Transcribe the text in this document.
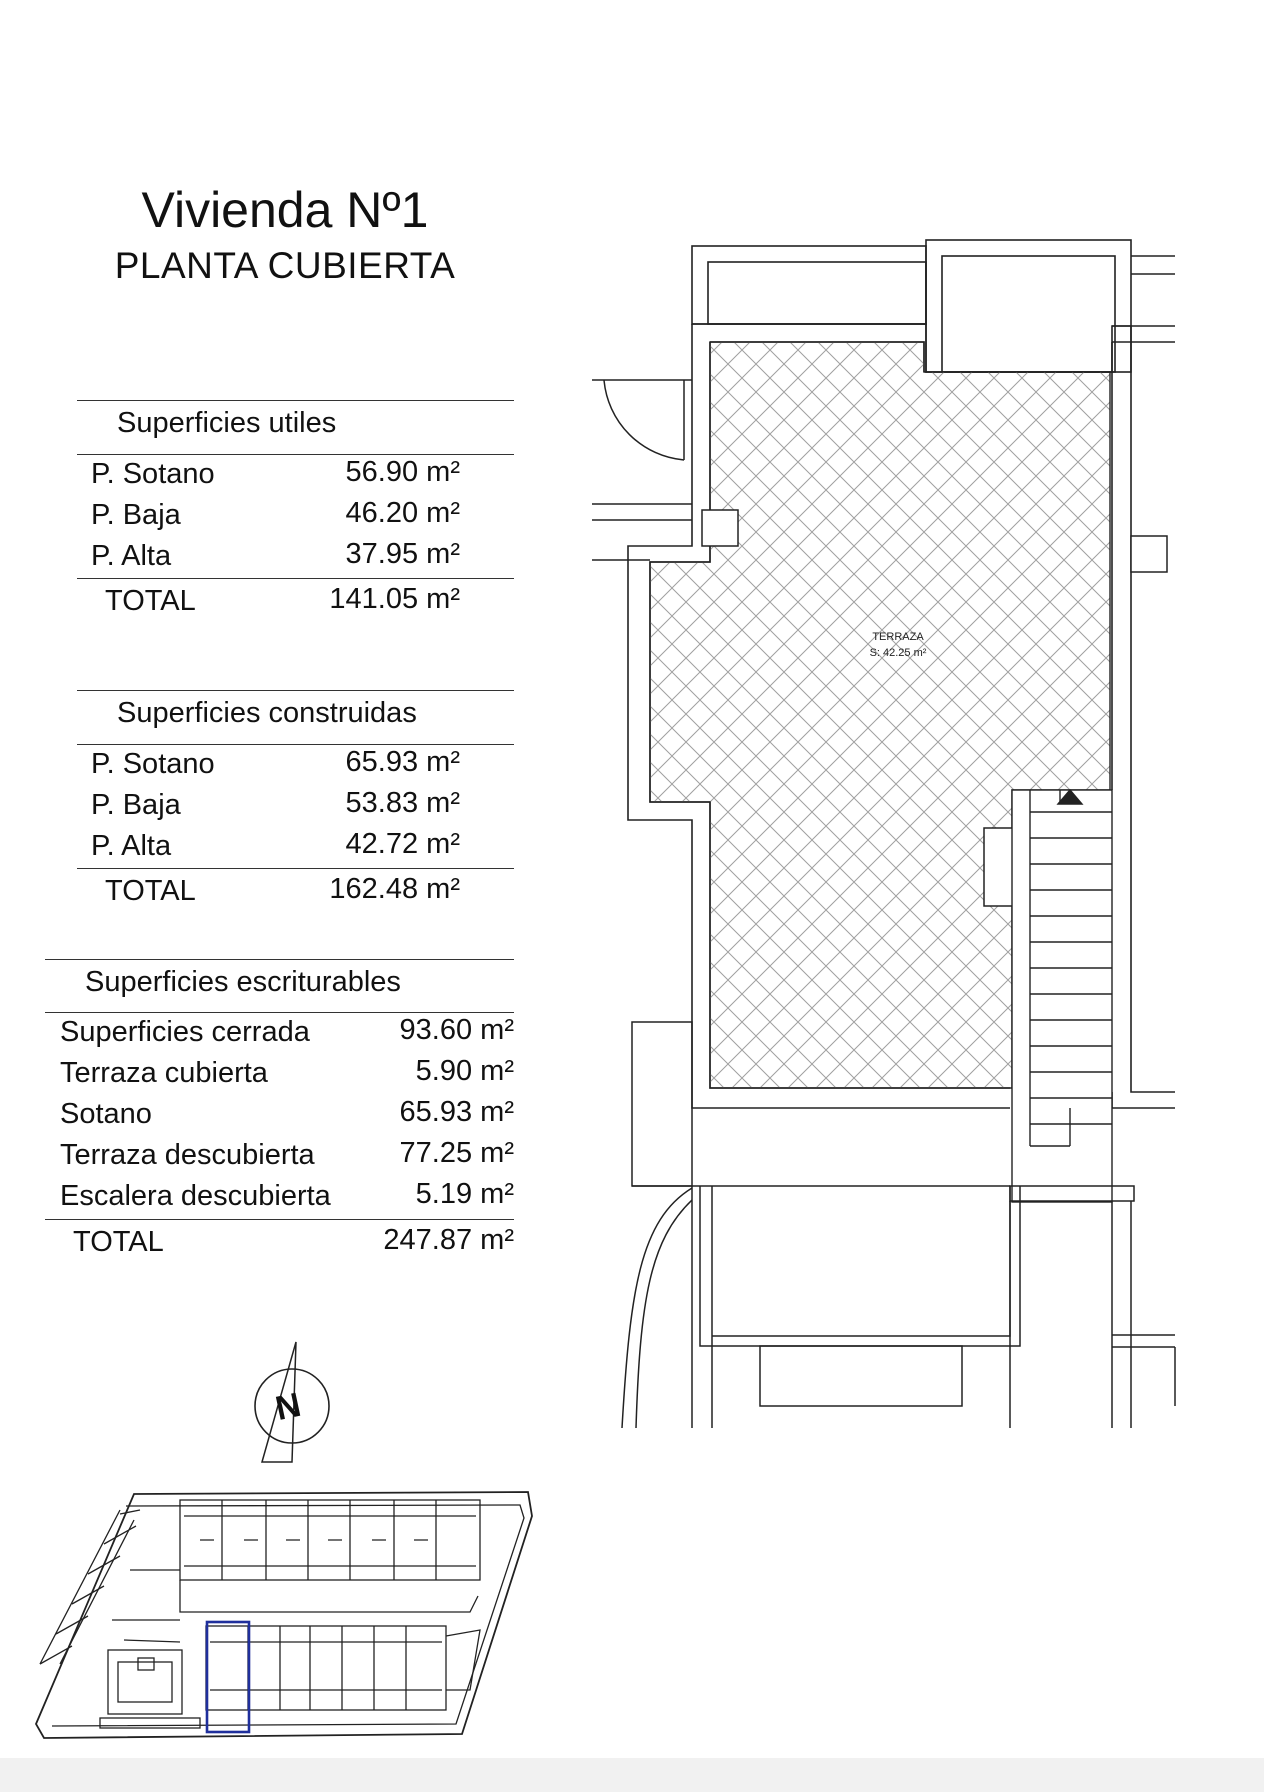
Vivienda Nº1
PLANTA CUBIERTA
Superficies utiles
P. Sotano	56.90 m²
P. Baja	46.20 m²
P. Alta	37.95 m²
TOTAL	141.05 m²
Superficies construidas
P. Sotano	65.93 m²
P. Baja	53.83 m²
P. Alta	42.72 m²
TOTAL	162.48 m²
Superficies escriturables
Superficies cerrada	93.60 m²
Terraza cubierta	5.90 m²
Sotano	65.93 m²
Terraza descubierta	77.25 m²
Escalera descubierta	5.19 m²
TOTAL	247.87 m²
TERRAZA
S: 42.25 m²
N
